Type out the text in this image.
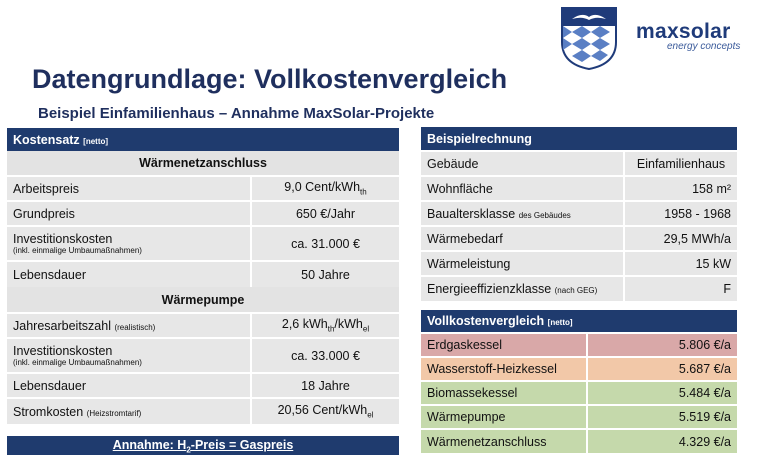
Datengrundlage: Vollkostenvergleich
Beispiel Einfamilienhaus – Annahme MaxSolar-Projekte
maxsolar
energy concepts
Kostensatz [netto]	
Wärmenetzanschluss	
Arbeitspreis	9,0 Cent/kWh$_{th}$
Grundpreis	650 €/Jahr

Investitionskosten
(inkl. einmalige Umbaumaßnahmen)	ca. 31.000 €
Lebensdauer	50 Jahre
Wärmepumpe	
Jahresarbeitszahl (realistisch)	2,6 kWh$_{th}$/kWh$_{el}$

Investitionskosten
(inkl. einmalige Umbaumaßnahmen)	ca. 33.000 €
Lebensdauer	18 Jahre
Stromkosten (Heizstromtarif)	20,56 Cent/kWh$_{el}$
Annahme: $H_2$-Preis = Gaspreis
Beispielrechnung	
Gebäude	Einfamilienhaus
Wohnfläche	158 m²
Baualtersklasse des Gebäudes	1958 - 1968
Wärmebedarf	29,5 MWh/a
Wärmeleistung	15 kW
Energieeffizienzklasse (nach GEG)	F
Vollkostenvergleich [netto]	
Erdgaskessel	5.806 €/a
Wasserstoff-Heizkessel	5.687 €/a
Biomassekessel	5.484 €/a
Wärmepumpe	5.519 €/a
Wärmenetzanschluss	4.329 €/a
